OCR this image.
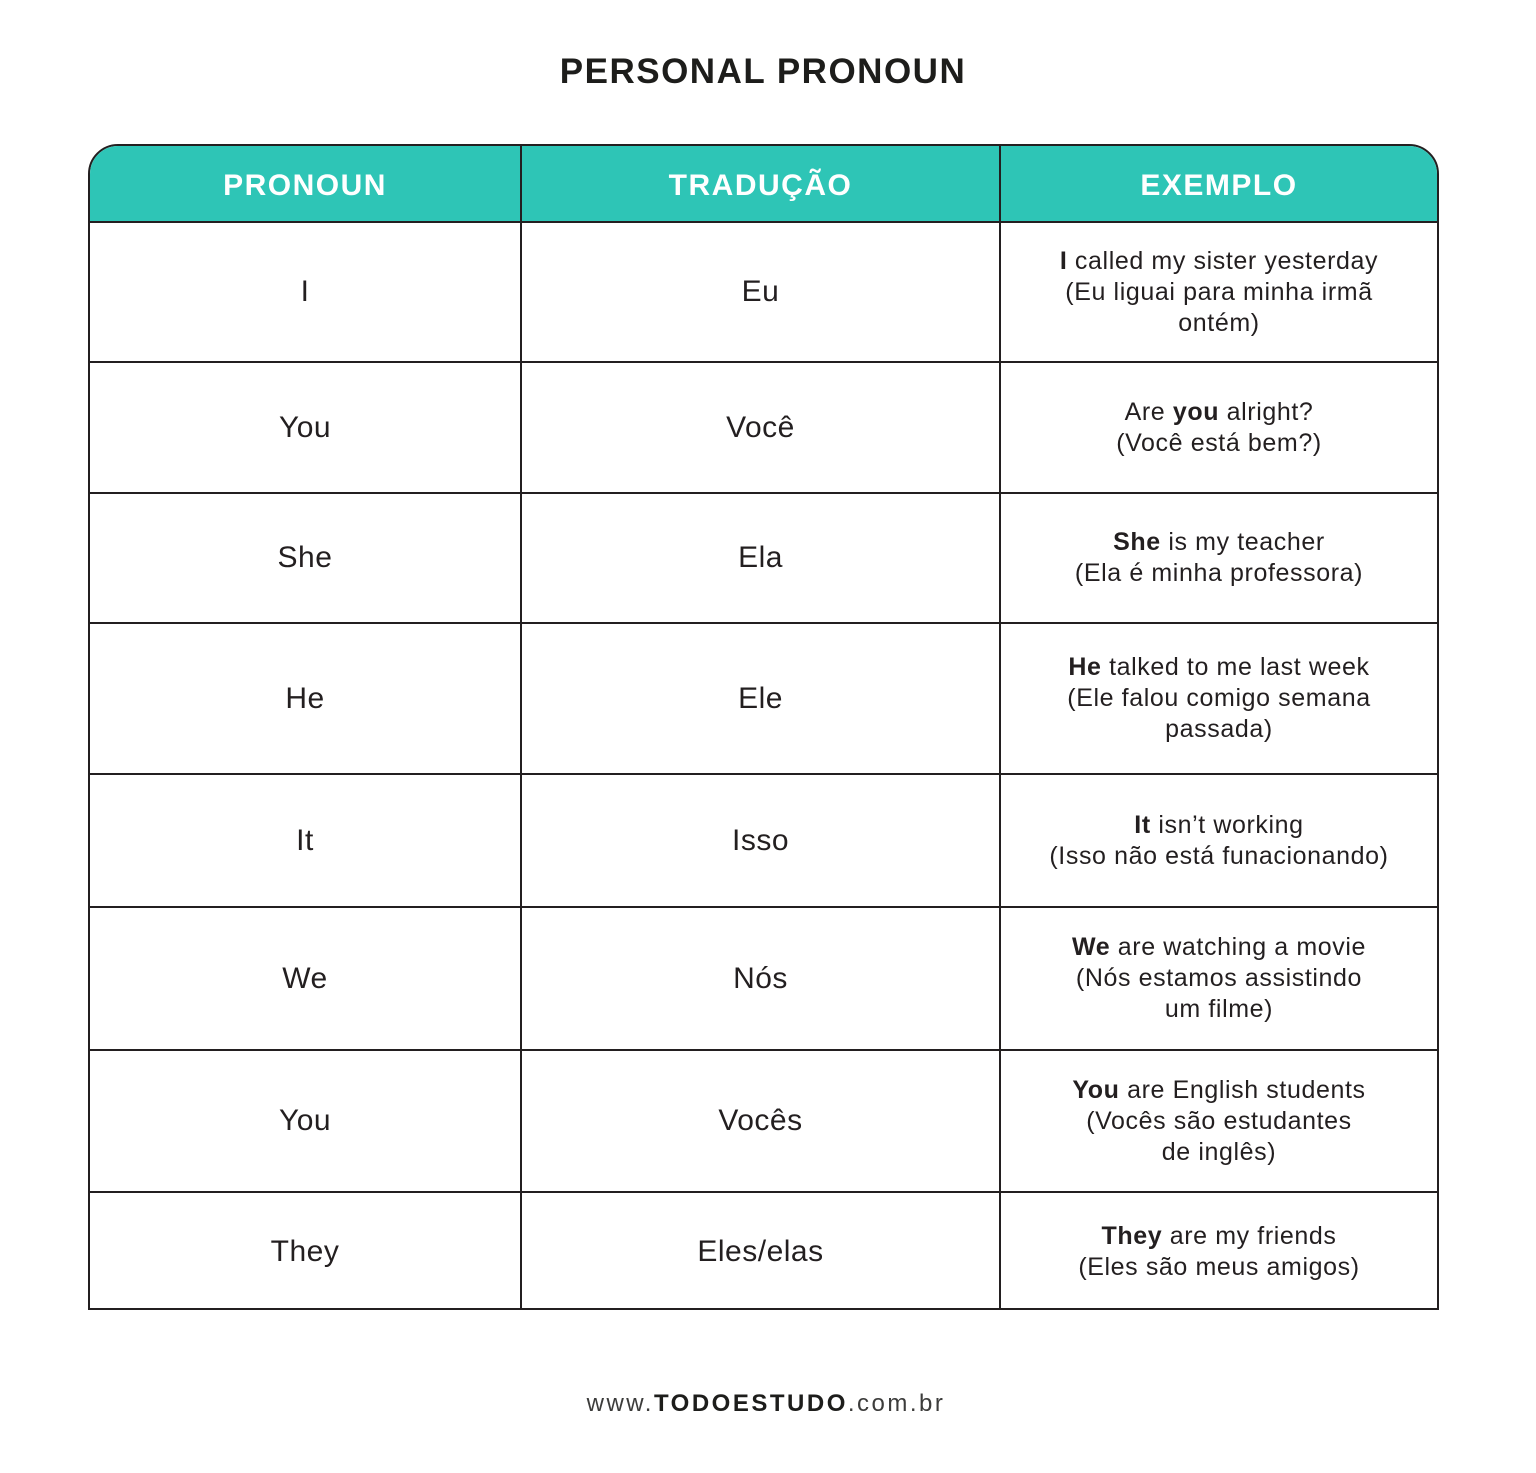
PERSONAL PRONOUN
PRONOUN	TRADUÇÃO	EXEMPLO
I	Eu	I called my sister yesterday
(Eu liguai para minha irmã
ontém)

You	Você	Are you alright?
(Você está bem?)

She	Ela	She is my teacher
(Ela é minha professora)

He	Ele	He talked to me last week
(Ele falou comigo semana
passada)

It	Isso	It isn’t working
(Isso não está funacionando)

We	Nós	We are watching a movie
(Nós estamos assistindo
um filme)

You	Vocês	You are English students
(Vocês são estudantes
de inglês)

They	Eles/elas	They are my friends
(Eles são meus amigos)
www.TODOESTUDO.com.br
